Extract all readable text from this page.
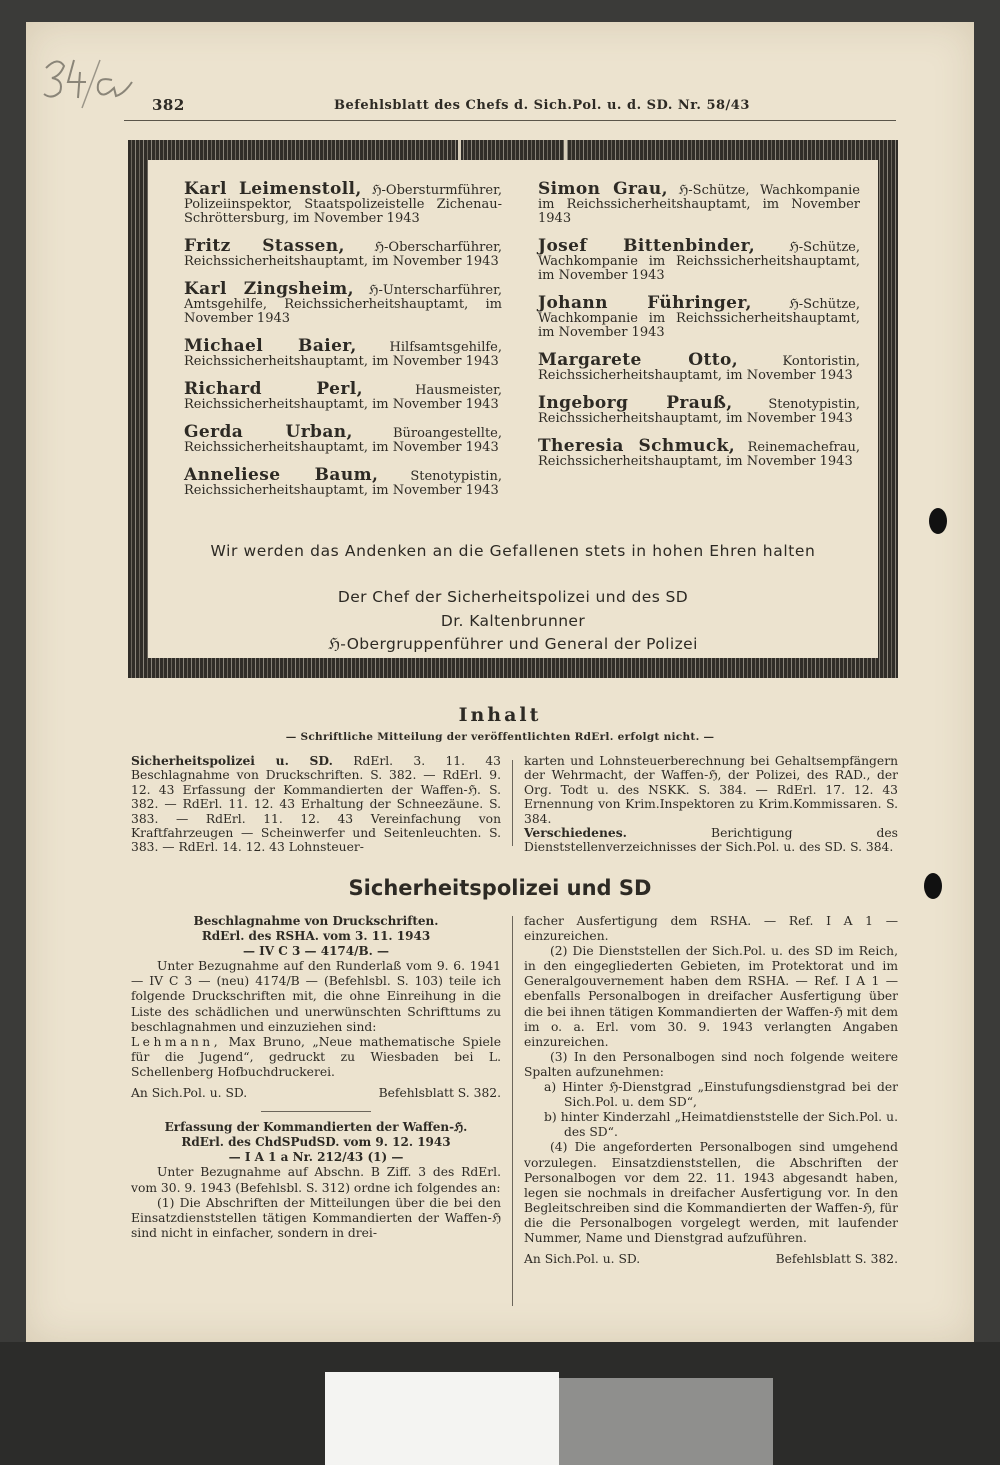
382	Befehlsblatt des Chefs d. Sich.Pol. u. d. SD. Nr. 58/43
Karl Leimenstoll, ℌ-Obersturmführer, Polizeiinspektor, Staatspolizeistelle Zichenau-Schröttersburg, im November 1943
Fritz Stassen, ℌ-Oberscharführer, Reichssicherheitshauptamt, im November 1943
Karl Zingsheim, ℌ-Unterscharführer, Amtsgehilfe, Reichssicherheitshauptamt, im November 1943
Michael Baier,	Hilfsamtsgehilfe, Reichssicherheitshauptamt, im November 1943
Richard Perl,	Hausmeister, Reichssicherheitshauptamt, im November 1943
Gerda Urban,	Büroangestellte, Reichssicherheitshauptamt, im November 1943
Anneliese Baum, Stenotypistin, Reichssicherheitshauptamt, im November 1943
Simon Grau, ℌ-Schütze, Wachkompanie im Reichssicherheitshauptamt, im November 1943
Josef Bittenbinder,	ℌ-Schütze, Wachkompanie im Reichssicherheitshauptamt, im November 1943
Johann Führinger,	ℌ-Schütze, Wachkompanie im Reichssicherheitshauptamt, im November 1943
Margarete Otto,	Kontoristin, Reichssicherheitshauptamt, im November 1943
Ingeborg Prauß,	Stenotypistin, Reichssicherheitshauptamt, im November 1943
Theresia Schmuck, Reinemachefrau, Reichssicherheitshauptamt, im November 1943
Wir werden das Andenken an die Gefallenen stets in hohen Ehren halten
Der Chef der Sicherheitspolizei und des SD
Dr. Kaltenbrunner
ℌ-Obergruppenführer und General der Polizei
Inhalt
— Schriftliche Mitteilung der veröffentlichten RdErl. erfolgt nicht. —
Sicherheitspolizei u. SD. RdErl. 3. 11. 43 Beschlagnahme von Druckschriften. S. 382. — RdErl. 9. 12. 43 Erfassung der Kommandierten der Waffen-ℌ. S. 382. — RdErl. 11. 12. 43 Erhaltung der Schneezäune. S. 383. — RdErl. 11. 12. 43 Vereinfachung von Kraftfahrzeugen — Scheinwerfer und Seitenleuchten. S. 383. — RdErl. 14. 12. 43 Lohnsteuer-
karten und Lohnsteuerberechnung bei Gehaltsempfängern der Wehrmacht, der Waffen-ℌ, der Polizei, des RAD., der Org. Todt u. des NSKK. S. 384. — RdErl. 17. 12. 43 Ernennung von Krim.Inspektoren zu Krim.Kommissaren. S. 384.
Verschiedenes.	Berichtigung des Dienststellenverzeichnisses der Sich.Pol. u. des SD. S. 384.
Sicherheitspolizei und SD

Beschlagnahme von Druckschriften.

RdErl. des RSHA. vom 3. 11. 1943

— IV C 3 — 4174/B. —

Unter Bezugnahme auf den Runderlaß vom 9. 6. 1941 — IV C 3 — (neu) 4174/B — (Befehlsbl. S. 103) teile ich folgende Druckschriften mit, die ohne Einreihung in die Liste des schädlichen und unerwünschten Schrifttums zu beschlagnahmen und einzuziehen sind:

Lehmann, Max Bruno, „Neue mathematische Spiele für die Jugend“, gedruckt zu Wiesbaden bei L. Schellenberg Hofbuchdruckerei.

An Sich.Pol. u. SD.	Befehlsblatt S. 382.

Erfassung der Kommandierten der Waffen-ℌ.

RdErl. des ChdSPudSD. vom 9. 12. 1943

— I A 1 a Nr. 212/43 (1) —

Unter Bezugnahme auf Abschn. B Ziff. 3 des RdErl. vom 30. 9. 1943 (Befehlsbl. S. 312) ordne ich folgendes an:

(1) Die Abschriften der Mitteilungen über die bei den Einsatzdienststellen tätigen Kommandierten der Waffen-ℌ sind nicht in einfacher, sondern in drei-

facher Ausfertigung dem RSHA. — Ref. I A 1 — einzureichen.

(2) Die Dienststellen der Sich.Pol. u. des SD im Reich, in den eingegliederten Gebieten, im Protektorat und im Generalgouvernement haben dem RSHA. — Ref. I A 1 — ebenfalls Personalbogen in dreifacher Ausfertigung über die bei ihnen tätigen Kommandierten der Waffen-ℌ mit dem im o. a. Erl. vom 30. 9. 1943 verlangten Angaben einzureichen.

(3) In den Personalbogen sind noch folgende weitere Spalten aufzunehmen:

a) Hinter ℌ-Dienstgrad „Einstufungsdienstgrad bei der Sich.Pol. u. dem SD“,

b) hinter Kinderzahl „Heimatdienststelle der Sich.Pol. u. des SD“.

(4) Die angeforderten Personalbogen sind umgehend vorzulegen. Einsatzdienststellen, die Abschriften der Personalbogen vor dem 22. 11. 1943 abgesandt haben, legen sie nochmals in dreifacher Ausfertigung vor. In den Begleitschreiben sind die Kommandierten der Waffen-ℌ, für die die Personalbogen vorgelegt werden, mit laufender Nummer, Name und Dienstgrad aufzuführen.

An Sich.Pol. u. SD.	Befehlsblatt S. 382.
